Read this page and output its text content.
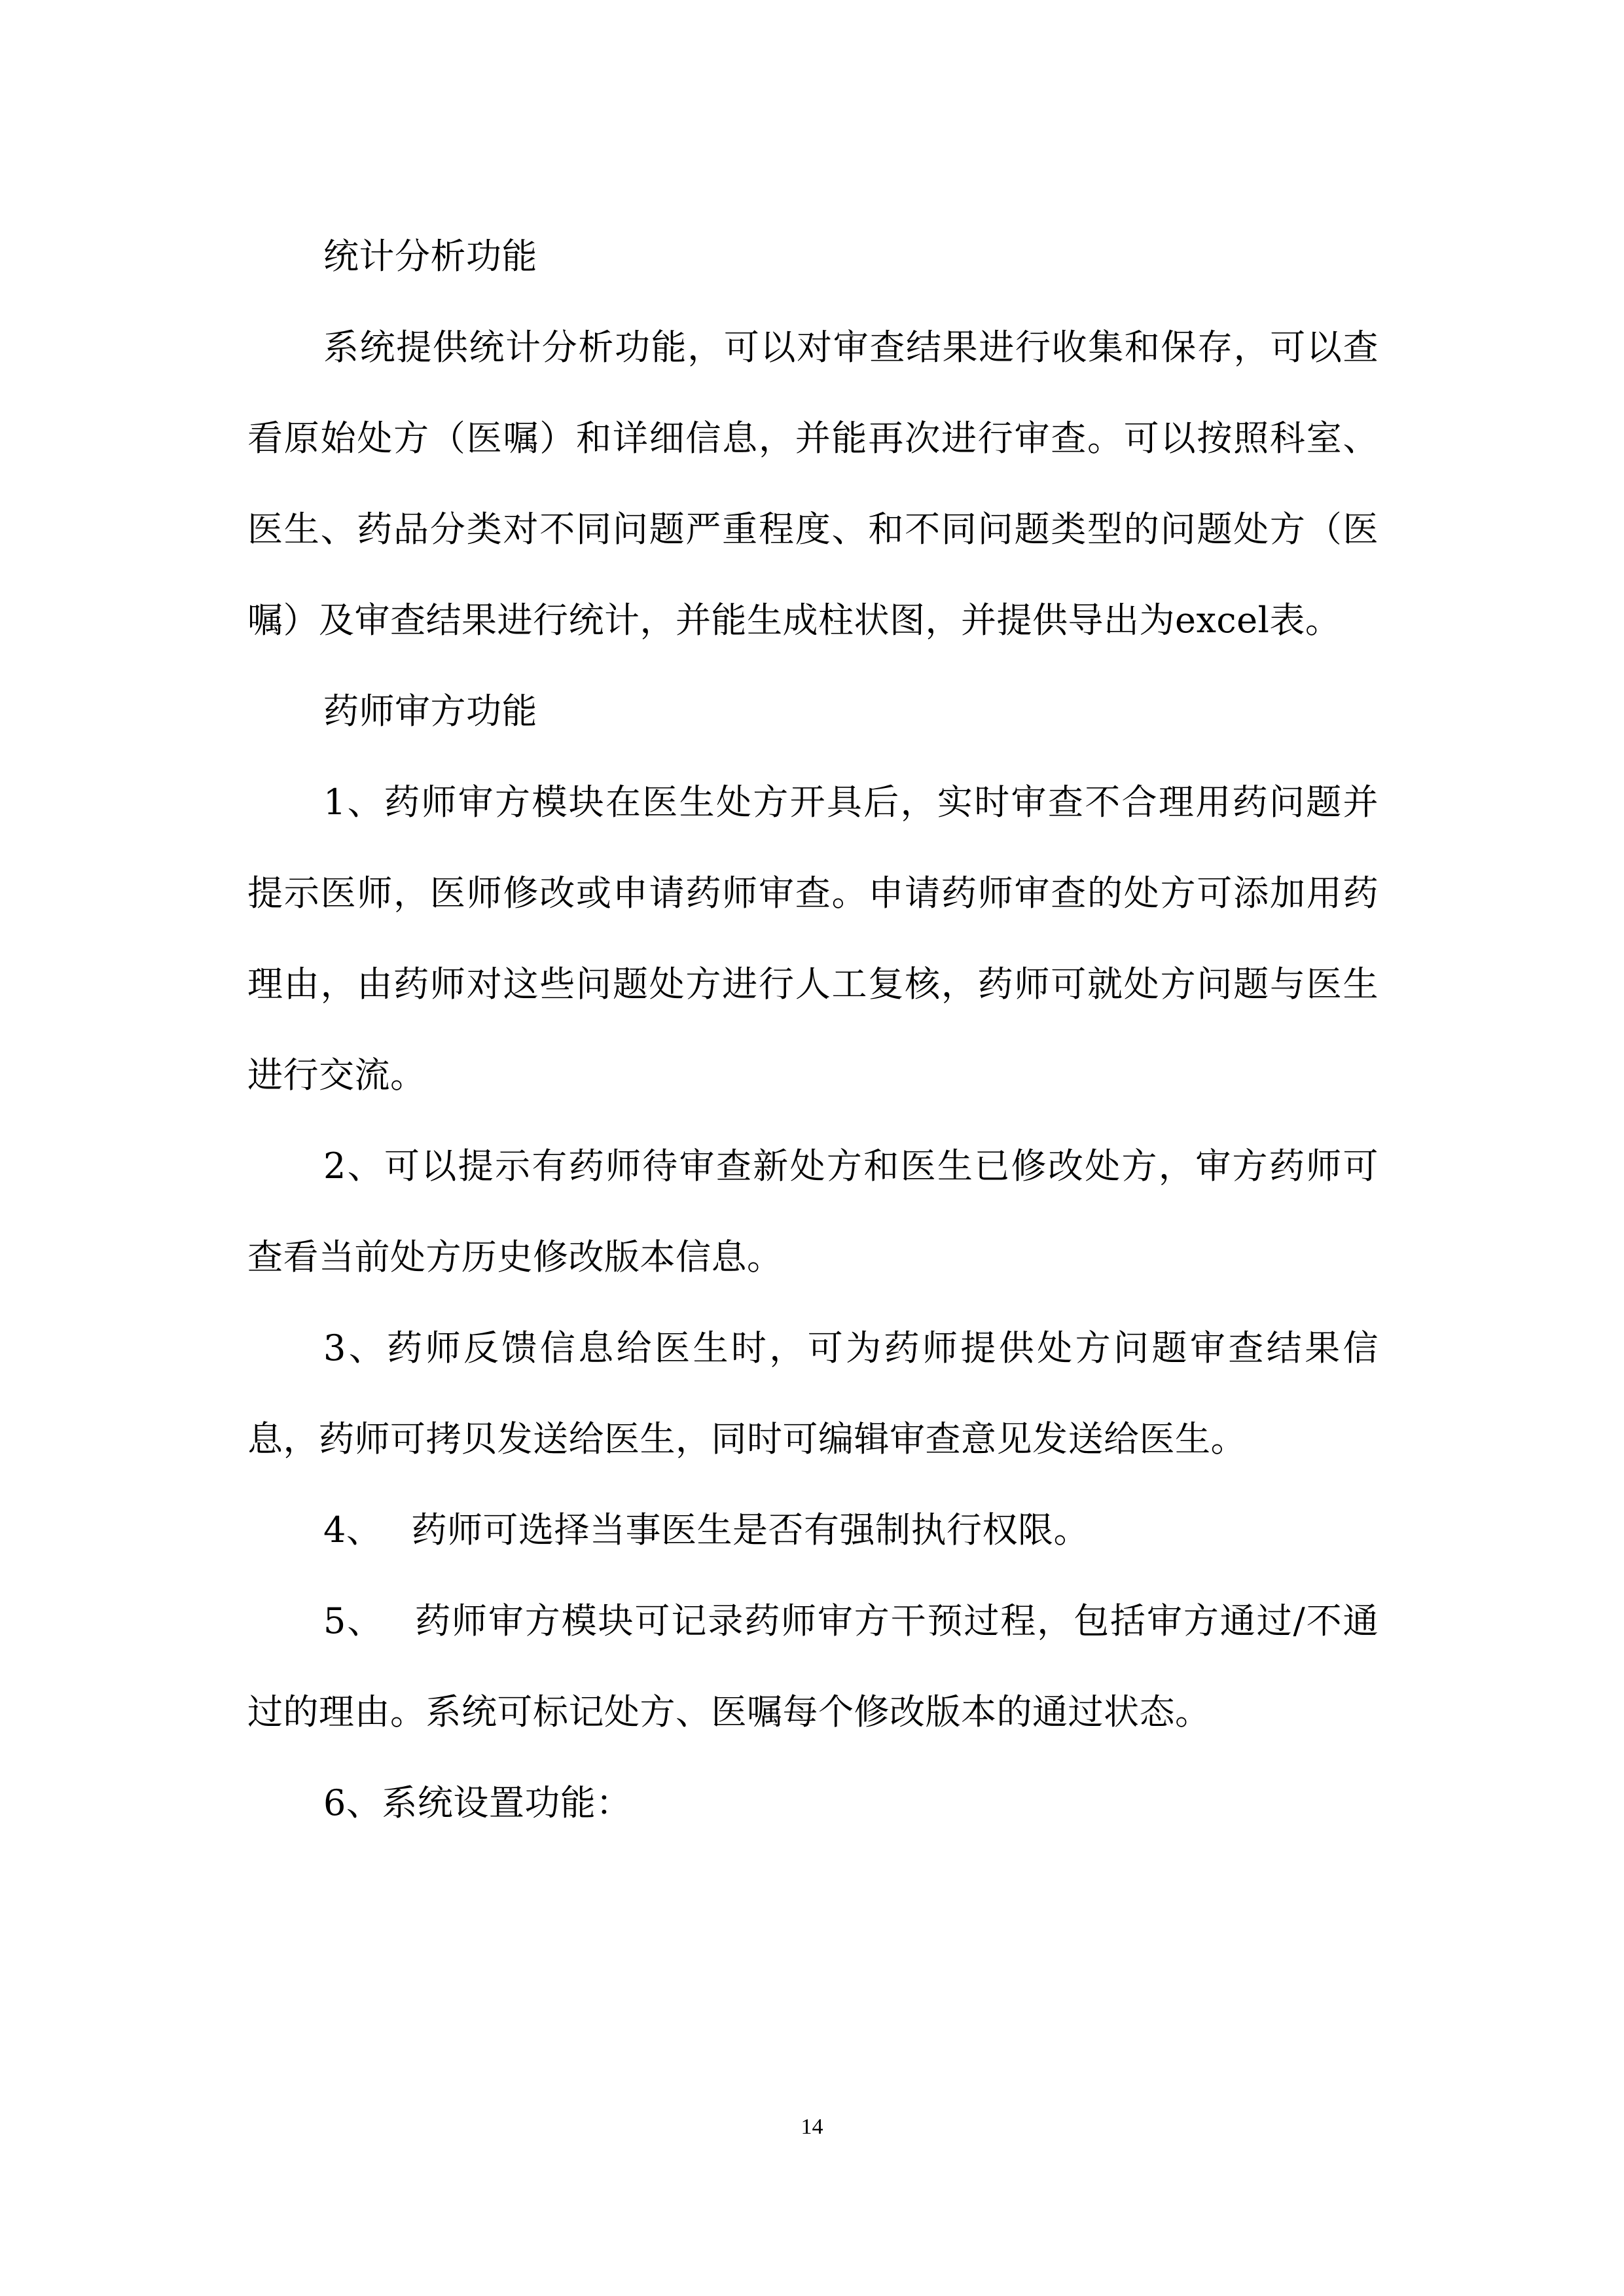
统计分析功能

系统提供统计分析功能，可以对审查结果进行收集和保存，可以查看原始处方（医嘱）和详细信息，并能再次进行审查。可以按照科室、医生、药品分类对不同问题严重程度、和不同问题类型的问题处方（医嘱）及审查结果进行统计，并能生成柱状图，并提供导出为excel表。

药师审方功能

1、药师审方模块在医生处方开具后，实时审查不合理用药问题并提示医师，医师修改或申请药师审查。申请药师审查的处方可添加用药理由，由药师对这些问题处方进行人工复核，药师可就处方问题与医生进行交流。

2、可以提示有药师待审查新处方和医生已修改处方，审方药师可查看当前处方历史修改版本信息。

3、药师反馈信息给医生时，可为药师提供处方问题审查结果信息，药师可拷贝发送给医生，同时可编辑审查意见发送给医生。

4、　 药师可选择当事医生是否有强制执行权限。

5、　 药师审方模块可记录药师审方干预过程，包括审方通过/不通过的理由。系统可标记处方、医嘱每个修改版本的通过状态。

6、系统设置功能：

14
